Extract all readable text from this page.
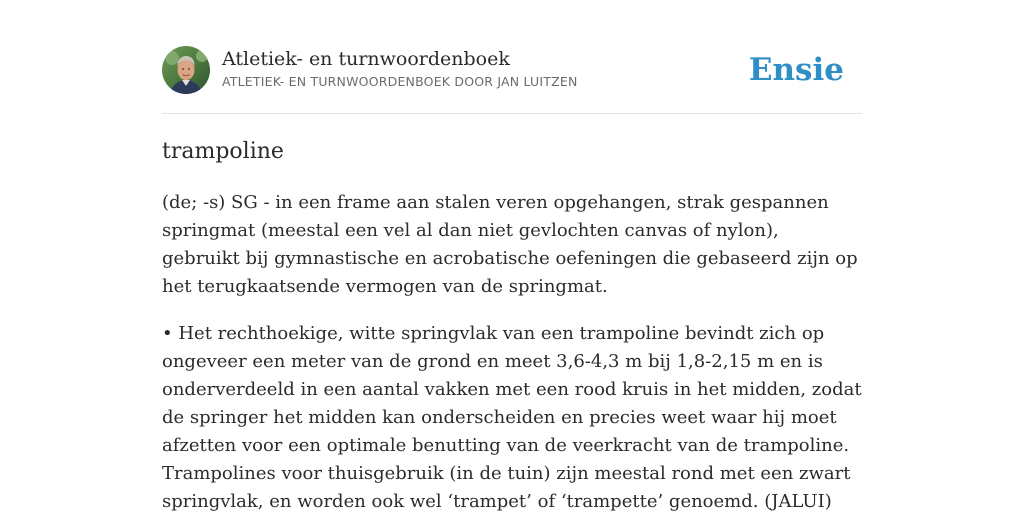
Atletiek- en turnwoordenboek
ATLETIEK- EN TURNWOORDENBOEK DOOR JAN LUITZEN	Ensie
trampoline

(de; -s) SG - in een frame aan stalen veren opgehangen, strak gespannen springmat (meestal een vel al dan niet gevlochten canvas of nylon), gebruikt bij gymnastische en acrobatische oefeningen die gebaseerd zijn op het terugkaatsende vermogen van de springmat.

• Het rechthoekige, witte springvlak van een trampoline bevindt zich op ongeveer een meter van de grond en meet 3,6-4,3 m bij 1,8-2,15 m en is onderverdeeld in een aantal vakken met een rood kruis in het midden, zodat de springer het midden kan onderscheiden en precies weet waar hij moet afzetten voor een optimale benutting van de veerkracht van de trampoline. Trampolines voor thuisgebruik (in de tuin) zijn meestal rond met een zwart springvlak, en worden ook wel ‘trampet’ of ‘trampette’ genoemd. (JALUI)
